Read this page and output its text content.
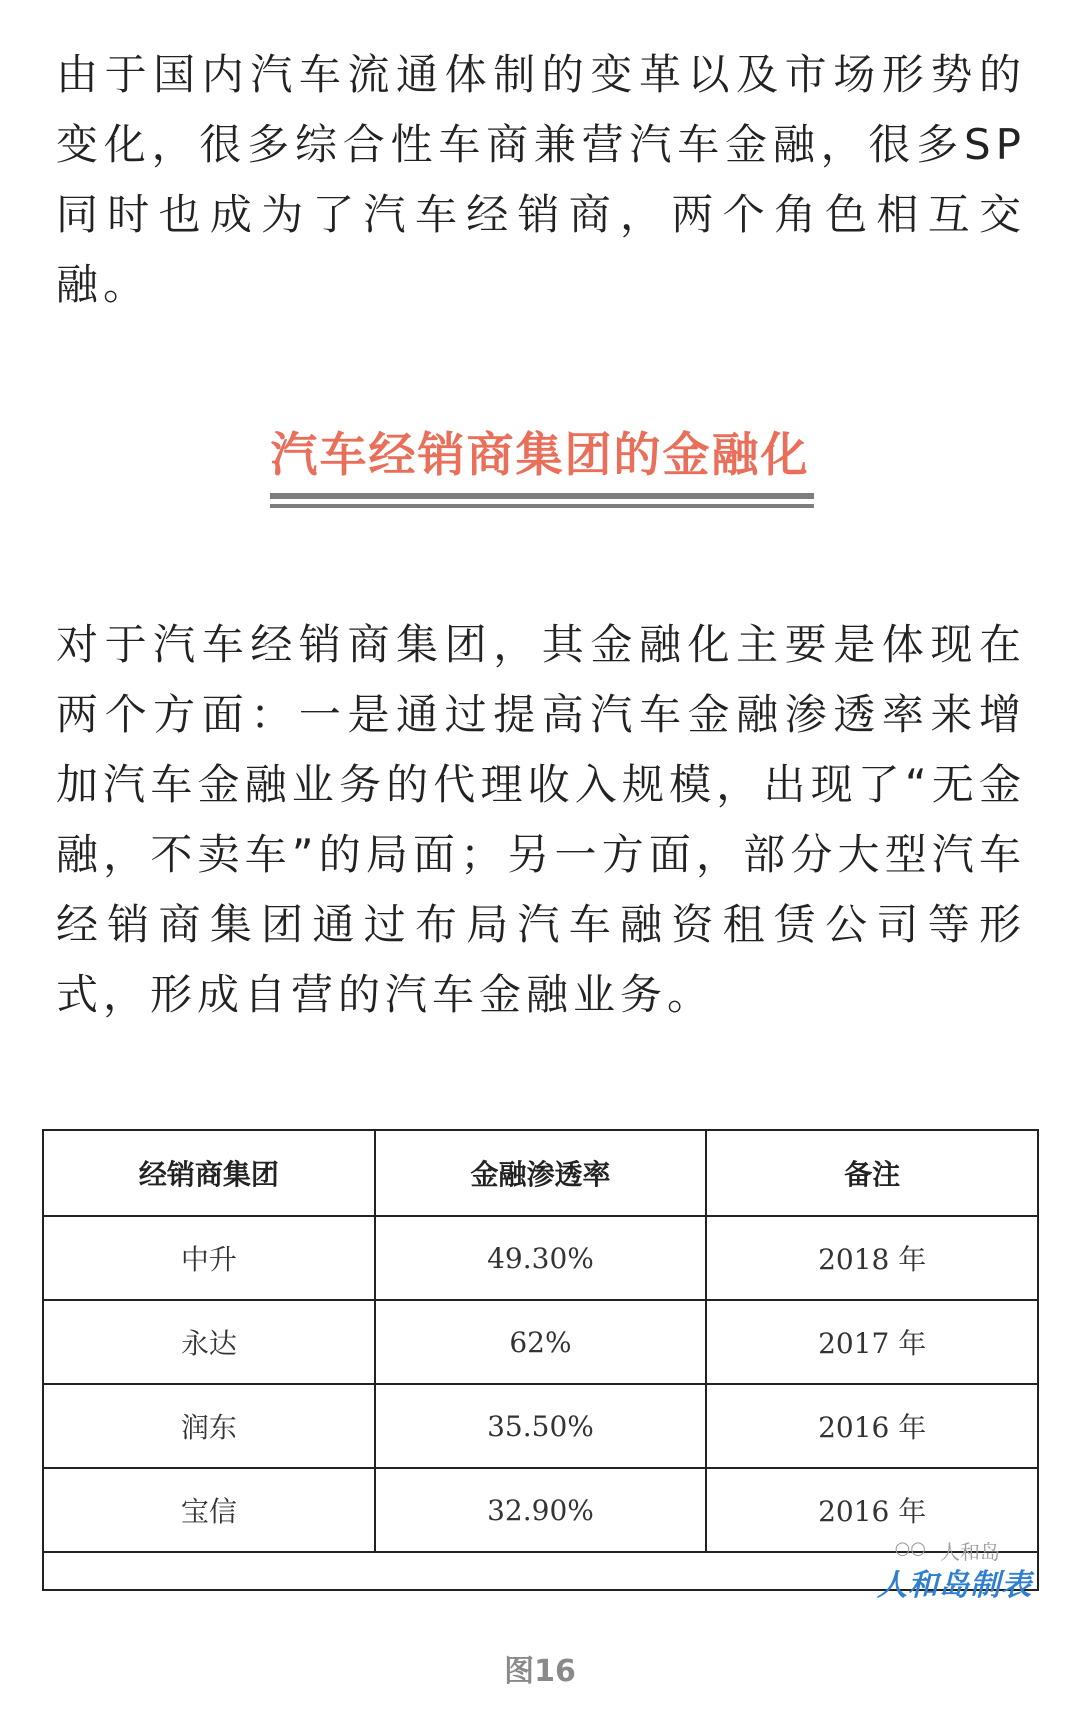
由于国内汽车流通体制的变革以及市场形势的变化，很多综合性车商兼营汽车金融，很多SP同时也成为了汽车经销商，两个角色相互交融。

汽车经销商集团的金融化

对于汽车经销商集团，其金融化主要是体现在两个方面：一是通过提高汽车金融渗透率来增加汽车金融业务的代理收入规模，出现了“无金融，不卖车”的局面；另一方面，部分大型汽车经销商集团通过布局汽车融资租赁公司等形式，形成自营的汽车金融业务。

经销商集团	金融渗透率	备注
中升	49.30%	2018 年
永达	62%	2017 年
润东	35.50%	2016 年
宝信	32.90%	2016 年

○○ 人和岛
人和岛制表

图16
